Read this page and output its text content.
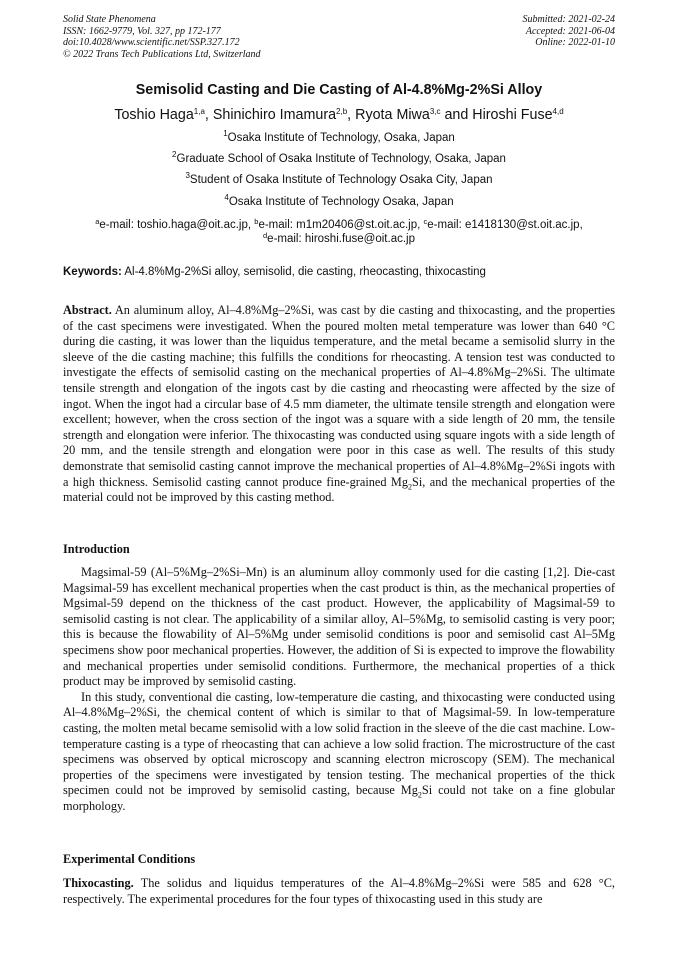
Solid State Phenomena
ISSN: 1662-9779, Vol. 327, pp 172-177
doi:10.4028/www.scientific.net/SSP.327.172
© 2022 Trans Tech Publications Ltd, Switzerland
Submitted: 2021-02-24
Accepted: 2021-06-04
Online: 2022-01-10
Semisolid Casting and Die Casting of Al-4.8%Mg-2%Si Alloy
Toshio Haga$^{1,a}$, Shinichiro Imamura$^{2,b}$, Ryota Miwa$^{3,c}$ and Hiroshi Fuse$^{4,d}$
$^1$Osaka Institute of Technology, Osaka, Japan
$^2$Graduate School of Osaka Institute of Technology, Osaka, Japan
$^3$Student of Osaka Institute of Technology Osaka City, Japan
$^4$Osaka Institute of Technology Osaka, Japan
$^a$e-mail: toshio.haga@oit.ac.jp, $^b$e-mail: m1m20406@st.oit.ac.jp, $^c$e-mail: e1418130@st.oit.ac.jp,
$^d$e-mail: hiroshi.fuse@oit.ac.jp
Keywords: Al-4.8%Mg-2%Si alloy, semisolid, die casting, rheocasting, thixocasting

Abstract. An aluminum alloy, Al–4.8%Mg–2%Si, was cast by die casting and thixocasting, and the properties of the cast specimens were investigated. When the poured molten metal temperature was lower than 640 °C during die casting, it was lower than the liquidus temperature, and the metal became a semisolid slurry in the sleeve of the die casting machine; this fulfills the conditions for rheocasting. A tension test was conducted to investigate the effects of semisolid casting on the mechanical properties of Al–4.8%Mg–2%Si. The ultimate tensile strength and elongation of the ingots cast by die casting and rheocasting were affected by the size of ingot. When the ingot had a circular base of 4.5 mm diameter, the ultimate tensile strength and elongation were excellent; however, when the cross section of the ingot was a square with a side length of 20 mm, the tensile strength and elongation were inferior. The thixocasting was conducted using square ingots with a side length of 20 mm, and the tensile strength and elongation were poor in this case as well. The results of this study demonstrate that semisolid casting cannot improve the mechanical properties of Al–4.8%Mg–2%Si ingots with a high thickness. Semisolid casting cannot produce fine-grained $Mg_2Si$, and the mechanical properties of the material could not be improved by this casting method.

Introduction

Magsimal-59 (Al–5%Mg–2%Si–Mn) is an aluminum alloy commonly used for die casting [1,2]. Die-cast Magsimal-59 has excellent mechanical properties when the cast product is thin, as the mechanical properties of Mgsimal-59 depend on the thickness of the cast product. However, the applicability of Magsimal-59 to semisolid casting is not clear. The applicability of a similar alloy, Al–5%Mg, to semisolid casting is very poor; this is because the flowability of Al–5%Mg under semisolid conditions is poor and semisolid cast Al–5Mg specimens show poor mechanical properties. However, the addition of Si is expected to improve the flowability and mechanical properties under semisolid conditions. Furthermore, the mechanical properties of a thick product may be improved by semisolid casting.

In this study, conventional die casting, low-temperature die casting, and thixocasting were conducted using Al–4.8%Mg–2%Si, the chemical content of which is similar to that of Magsimal-59. In low-temperature casting, the molten metal became semisolid with a low solid fraction in the sleeve of the die cast machine. Low-temperature casting is a type of rheocasting that can achieve a low solid fraction. The microstructure of the cast specimens was observed by optical microscopy and scanning electron microscopy (SEM). The mechanical properties of the specimens were investigated by tension testing. The mechanical properties of the thick specimen could not be improved by semisolid casting, because $Mg_2Si$ could not take on a fine globular morphology.

Experimental Conditions

Thixocasting. The solidus and liquidus temperatures of the Al–4.8%Mg–2%Si were 585 and 628 °C, respectively. The experimental procedures for the four types of thixocasting used in this study are
